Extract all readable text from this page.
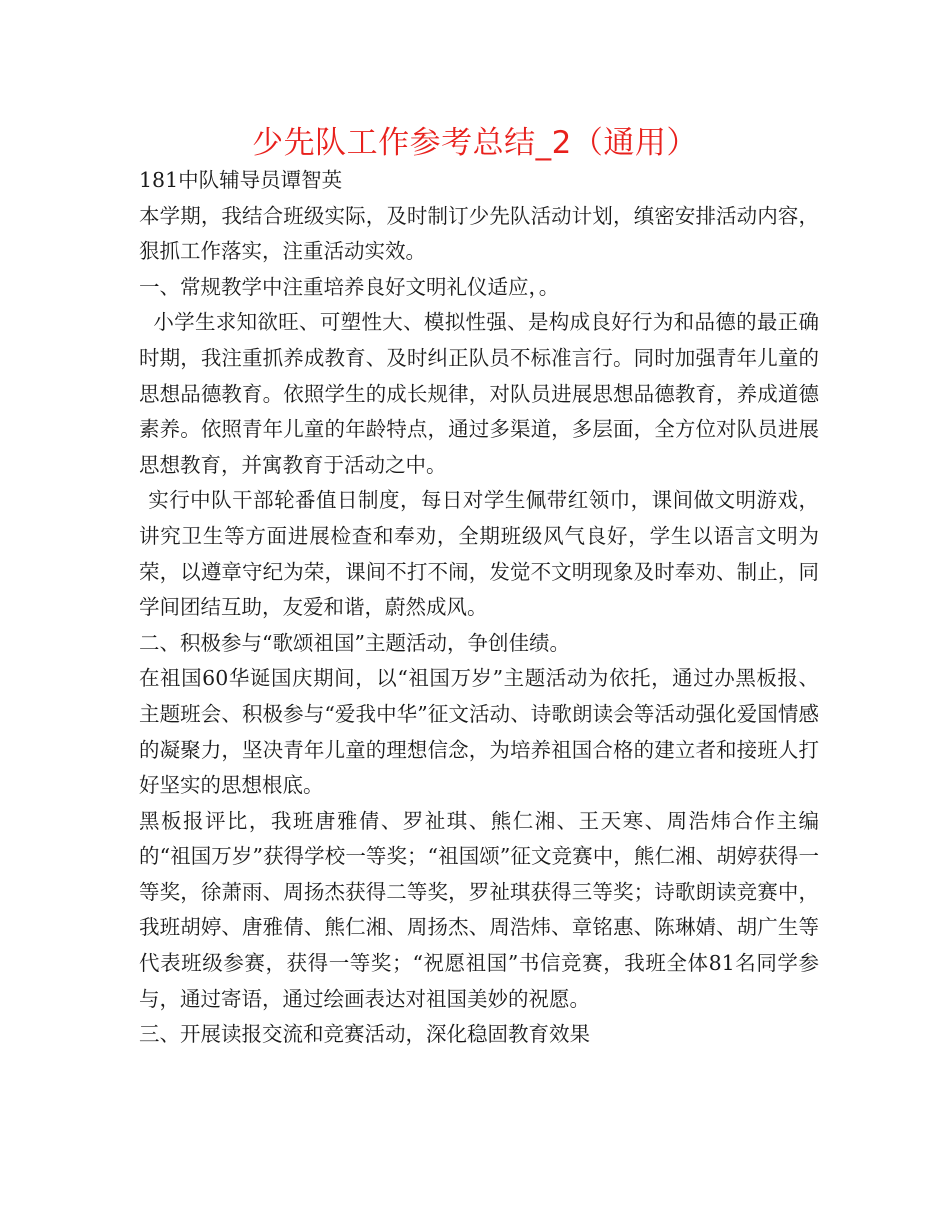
少先队工作参考总结_2（通用）

181中队辅导员谭智英

本学期，我结合班级实际，及时制订少先队活动计划，缜密安排活动内容，狠抓工作落实，注重活动实效。

一、常规教学中注重培养良好文明礼仪适应，。

小学生求知欲旺、可塑性大、模拟性强、是构成良好行为和品德的最正确时期，我注重抓养成教育、及时纠正队员不标准言行。同时加强青年儿童的思想品德教育。依照学生的成长规律，对队员进展思想品德教育，养成道德素养。依照青年儿童的年龄特点，通过多渠道，多层面，全方位对队员进展思想教育，并寓教育于活动之中。

实行中队干部轮番值日制度，每日对学生佩带红领巾，课间做文明游戏，讲究卫生等方面进展检查和奉劝，全期班级风气良好，学生以语言文明为荣，以遵章守纪为荣，课间不打不闹，发觉不文明现象及时奉劝、制止，同学间团结互助，友爱和谐，蔚然成风。

二、积极参与“歌颂祖国”主题活动，争创佳绩。

在祖国60华诞国庆期间，以“祖国万岁”主题活动为依托，通过办黑板报、主题班会、积极参与“爱我中华”征文活动、诗歌朗读会等活动强化爱国情感的凝聚力，坚决青年儿童的理想信念，为培养祖国合格的建立者和接班人打好坚实的思想根底。

黑板报评比，我班唐雅倩、罗祉琪、熊仁湘、王天寒、周浩炜合作主编的“祖国万岁”获得学校一等奖；“祖国颂”征文竞赛中，熊仁湘、胡婷获得一等奖，徐萧雨、周扬杰获得二等奖，罗祉琪获得三等奖；诗歌朗读竞赛中，我班胡婷、唐雅倩、熊仁湘、周扬杰、周浩炜、章铭惠、陈琳婧、胡广生等代表班级参赛，获得一等奖；“祝愿祖国”书信竞赛，我班全体81名同学参与，通过寄语，通过绘画表达对祖国美妙的祝愿。

三、开展读报交流和竞赛活动，深化稳固教育效果
